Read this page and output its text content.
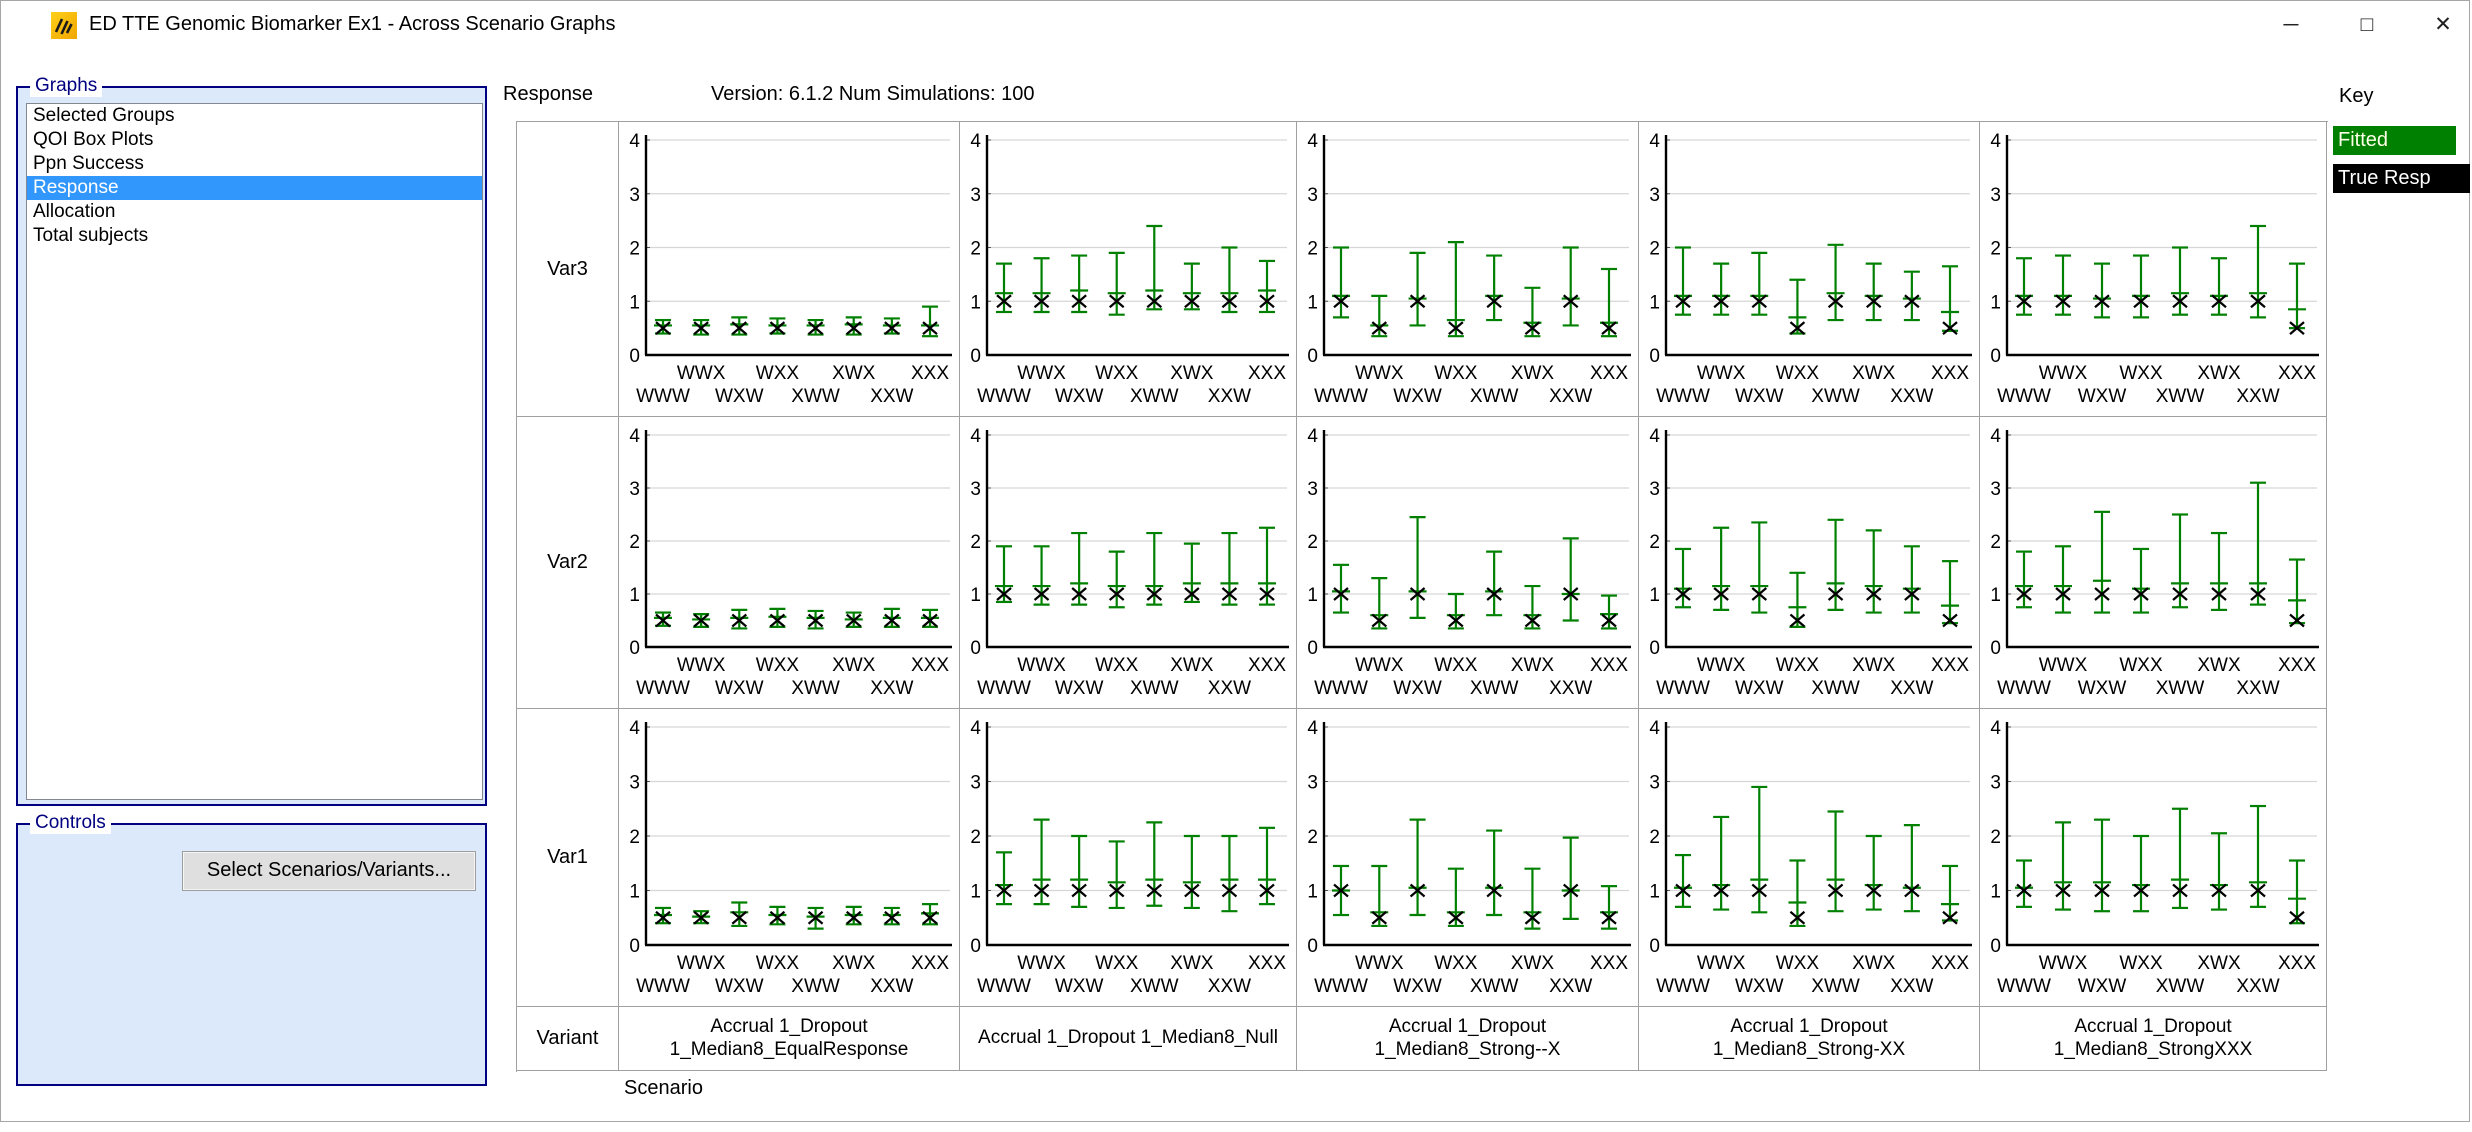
ED TTE Genomic Biomarker Ex1 - Across Scenario Graphs	─	□	✕
Graphs
Selected Groups
QOI Box Plots
Ppn Success
Response
Allocation
Total subjects
Controls
Select Scenarios/Variants...
Response	Version: 6.1.2 Num Simulations: 100	Key
Fitted
True Resp
Var3
0
1
2
3
4
WWW
WWX
WXW
WXX
XWW
XWX
XXW
XXX
0
1
2
3
4
WWW
WWX
WXW
WXX
XWW
XWX
XXW
XXX
0
1
2
3
4
WWW
WWX
WXW
WXX
XWW
XWX
XXW
XXX
0
1
2
3
4
WWW
WWX
WXW
WXX
XWW
XWX
XXW
XXX
0
1
2
3
4
WWW
WWX
WXW
WXX
XWW
XWX
XXW
XXX
Var2
0
1
2
3
4
WWW
WWX
WXW
WXX
XWW
XWX
XXW
XXX
0
1
2
3
4
WWW
WWX
WXW
WXX
XWW
XWX
XXW
XXX
0
1
2
3
4
WWW
WWX
WXW
WXX
XWW
XWX
XXW
XXX
0
1
2
3
4
WWW
WWX
WXW
WXX
XWW
XWX
XXW
XXX
0
1
2
3
4
WWW
WWX
WXW
WXX
XWW
XWX
XXW
XXX
Var1
0
1
2
3
4
WWW
WWX
WXW
WXX
XWW
XWX
XXW
XXX
0
1
2
3
4
WWW
WWX
WXW
WXX
XWW
XWX
XXW
XXX
0
1
2
3
4
WWW
WWX
WXW
WXX
XWW
XWX
XXW
XXX
0
1
2
3
4
WWW
WWX
WXW
WXX
XWW
XWX
XXW
XXX
0
1
2
3
4
WWW
WWX
WXW
WXX
XWW
XWX
XXW
XXX
Variant
Accrual 1_Dropout 1_Median8_EqualResponse
Accrual 1_Dropout 1_Median8_Null
Accrual 1_Dropout 1_Median8_Strong--X
Accrual 1_Dropout 1_Median8_Strong-XX
Accrual 1_Dropout 1_Median8_StrongXXX
Scenario
